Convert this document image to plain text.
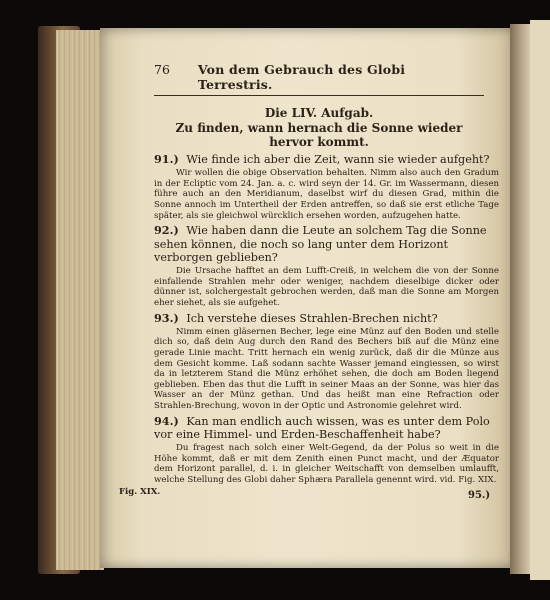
76 Von dem Gebrauch des Globi Terrestris.
Die LIV. Aufgab.
Zu finden, wann hernach die Sonne wieder hervor kommt.
91.) Wie finde ich aber die Zeit, wann sie wieder aufgeht?

Wir wollen die obige Observation behalten. Nimm also auch den Gradum in der Ecliptic vom 24. Jan. a. c. wird seyn der 14. Gr. im Wassermann, diesen führe auch an den Meridianum, daselbst wirf du diesen Grad, mithin die Sonne annoch im Untertheil der Erden antreffen, so daß sie erst etliche Tage später, als sie gleichwol würcklich ersehen worden, aufzugehen hatte.

92.) Wie haben dann die Leute an solchem Tag die Sonne sehen können, die noch so lang unter dem Horizont verborgen geblieben?

Die Ursache hafftet an dem Lufft-Creiß, in welchem die von der Sonne einfallende Strahlen mehr oder weniger, nachdem dieselbige dicker oder dünner ist, solchergestalt gebrochen werden, daß man die Sonne am Morgen eher siehet, als sie aufgehet.

93.) Ich verstehe dieses Strahlen-Brechen nicht?

Nimm einen gläsernen Becher, lege eine Münz auf den Boden und stelle dich so, daß dein Aug durch den Rand des Bechers biß auf die Münz eine gerade Linie macht. Tritt hernach ein wenig zurück, daß dir die Münze aus dem Gesicht komme. Laß sodann sachte Wasser jemand eingiessen, so wirst da in letzterem Stand die Münz erhöhet sehen, die doch am Boden liegend geblieben. Eben das thut die Lufft in seiner Maas an der Sonne, was hier das Wasser an der Münz gethan. Und das heißt man eine Refraction oder Strahlen-Brechung, wovon in der Optic und Astronomie gelehret wird.

94.) Kan man endlich auch wissen, was es unter dem Polo vor eine Himmel- und Erden-Beschaffenheit habe?

Du fragest nach solch einer Welt-Gegend, da der Polus so weit in die Höhe kommt, daß er mit dem Zenith einen Punct macht, und der Æquator dem Horizont parallel, d. i. in gleicher Weitschafft von demselben umlaufft, welche Stellung des Globi daher Sphæra Parallela genennt wird. vid. Fig. XIX.

Fig. XIX.	95.)
